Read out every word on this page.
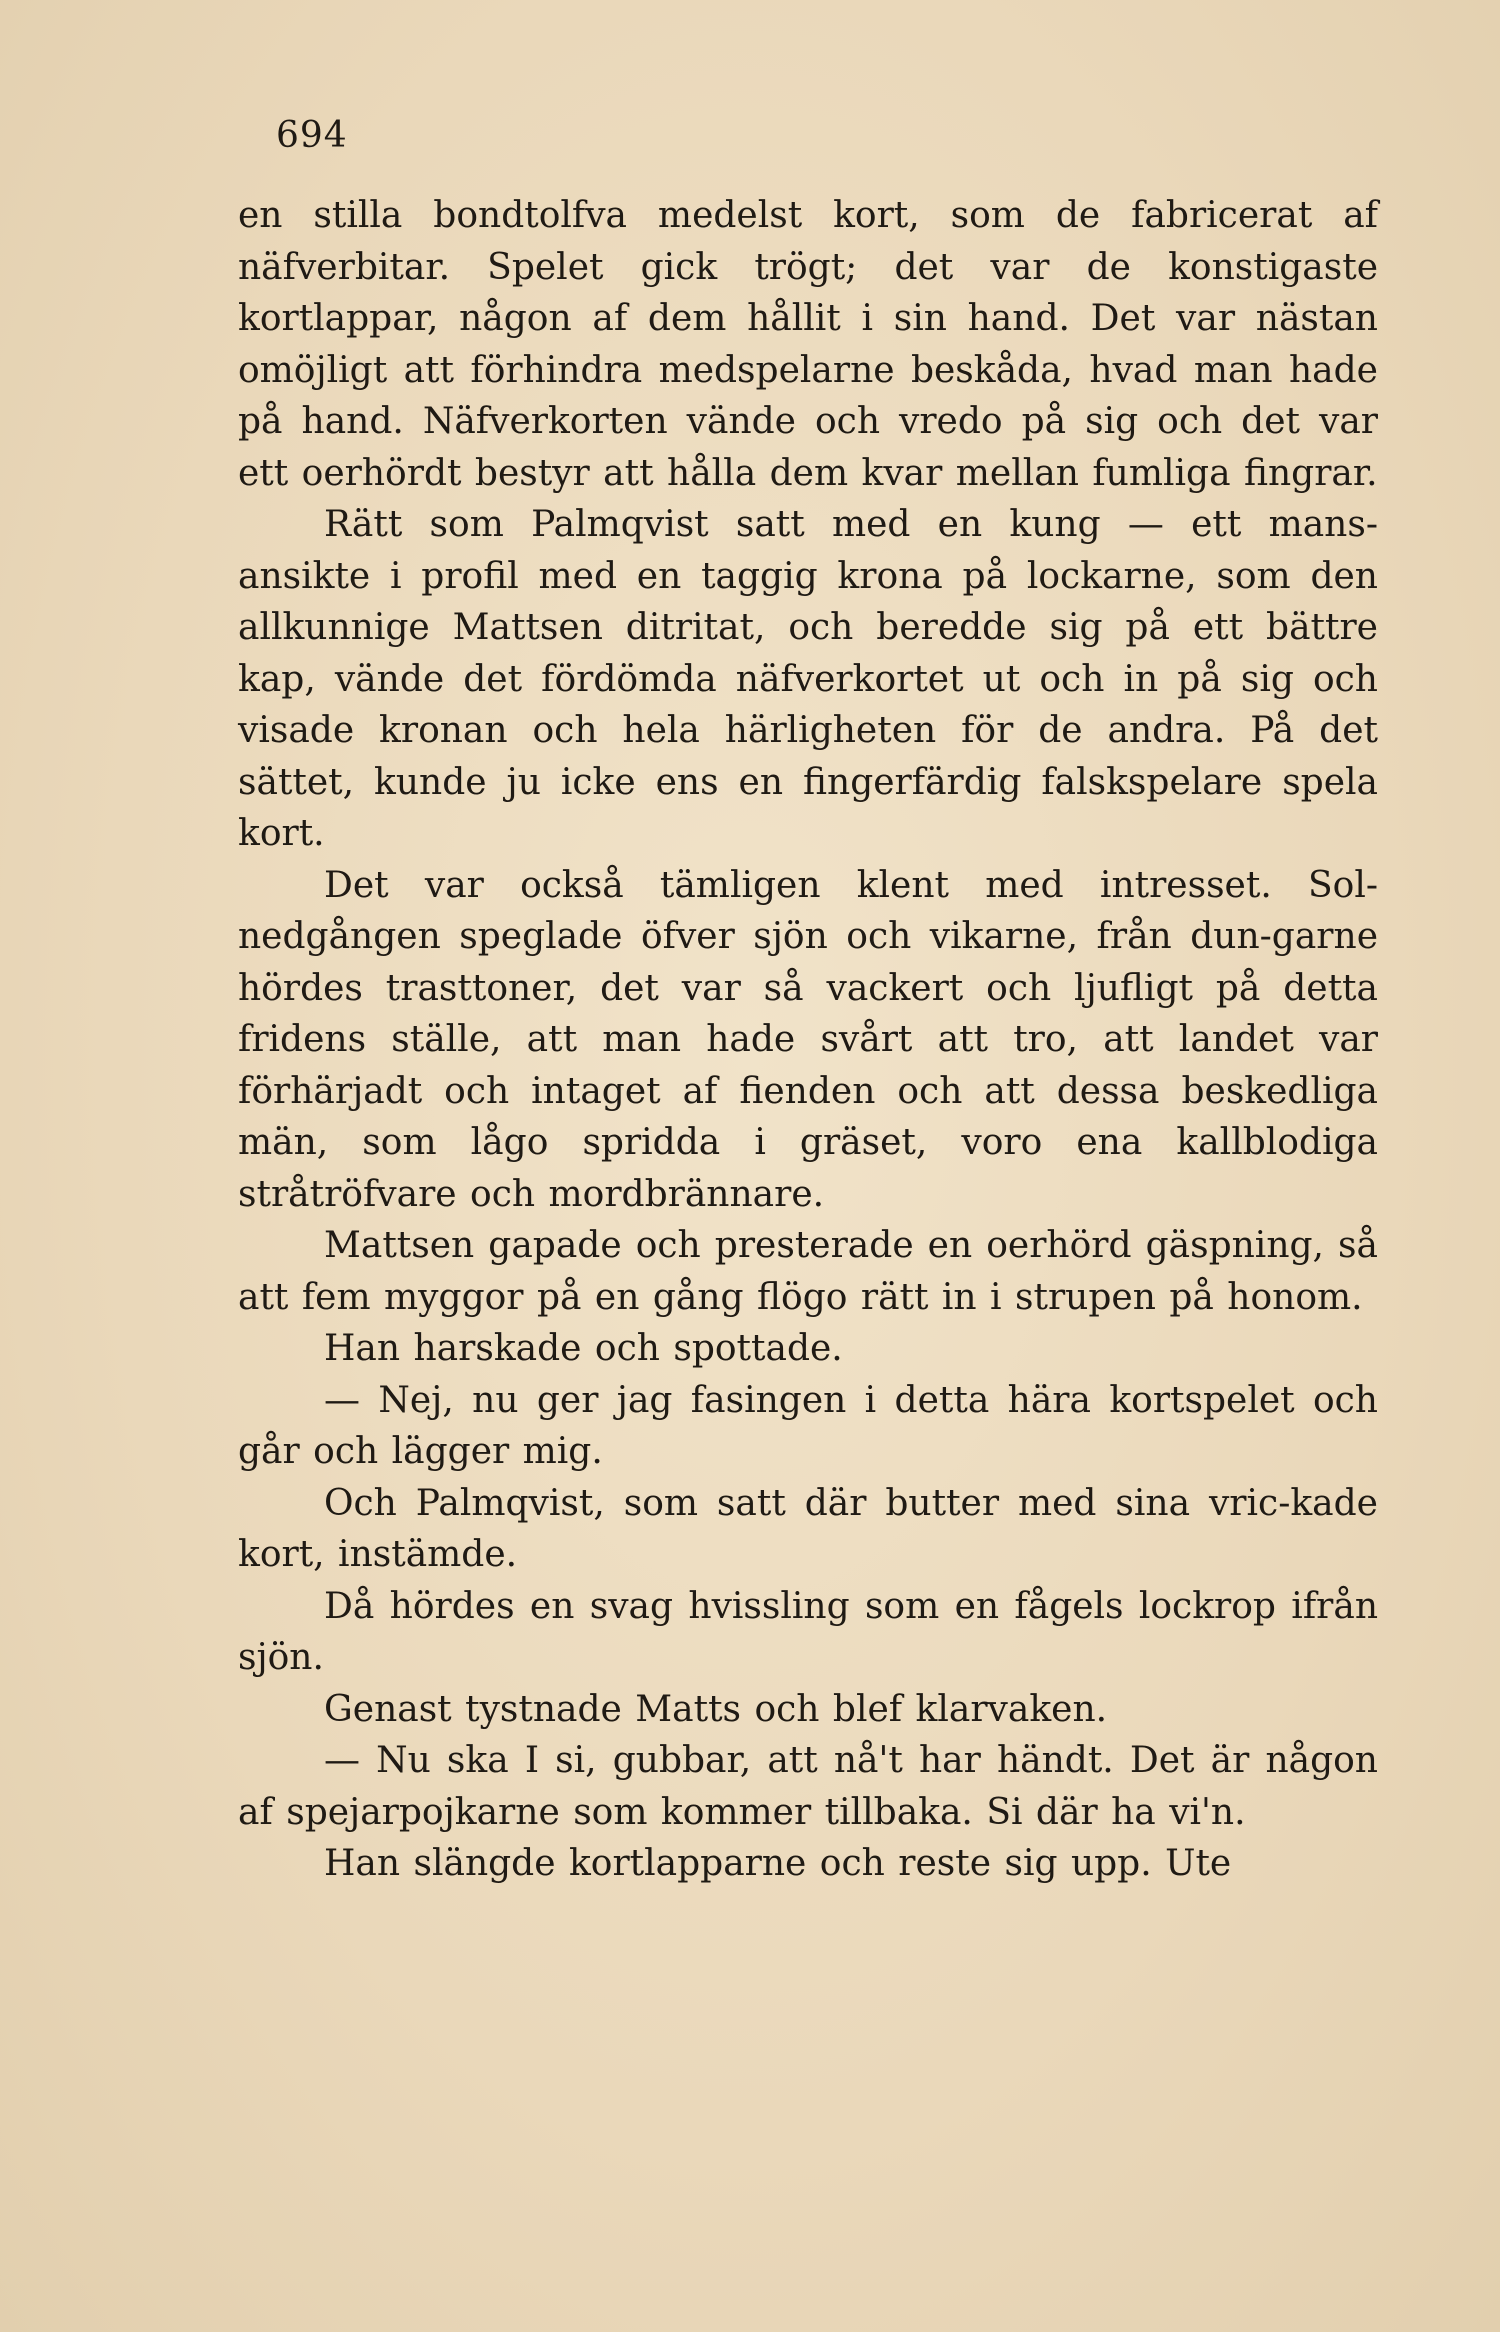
694

en stilla bondtolfva medelst kort, som de fabricerat af näfverbitar. Spelet gick trögt; det var de konstigaste kortlappar, någon af dem hållit i sin hand. Det var nästan omöjligt att förhindra medspelarne beskåda, hvad man hade på hand. Näfverkorten vände och vredo på sig och det var ett oerhördt bestyr att hålla dem kvar mellan fumliga fingrar.

Rätt som Palmqvist satt med en kung — ett mans-ansikte i profil med en taggig krona på lockarne, som den allkunnige Mattsen ditritat, och beredde sig på ett bättre kap, vände det fördömda näfverkortet ut och in på sig och visade kronan och hela härligheten för de andra. På det sättet, kunde ju icke ens en fingerfärdig falskspelare spela kort.

Det var också tämligen klent med intresset. Sol-nedgången speglade öfver sjön och vikarne, från dun-garne hördes trasttoner, det var så vackert och ljufligt på detta fridens ställe, att man hade svårt att tro, att landet var förhärjadt och intaget af fienden och att dessa beskedliga män, som lågo spridda i gräset, voro ena kallblodiga stråtröfvare och mordbrännare.

Mattsen gapade och presterade en oerhörd gäspning, så att fem myggor på en gång flögo rätt in i strupen på honom.

Han harskade och spottade.

— Nej, nu ger jag fasingen i detta härа kortspelet och går och lägger mig.

Och Palmqvist, som satt där butter med sina vric-kade kort, instämde.

Då hördes en svag hvissling som en fågels lockrop ifrån sjön.

Genast tystnade Matts och blef klarvaken.

— Nu ska I si, gubbar, att nå't har händt. Det är någon af spejarpojkarne som kommer tillbaka. Si där ha vi'n.

Han slängde kortlapparne och reste sig upp. Ute
